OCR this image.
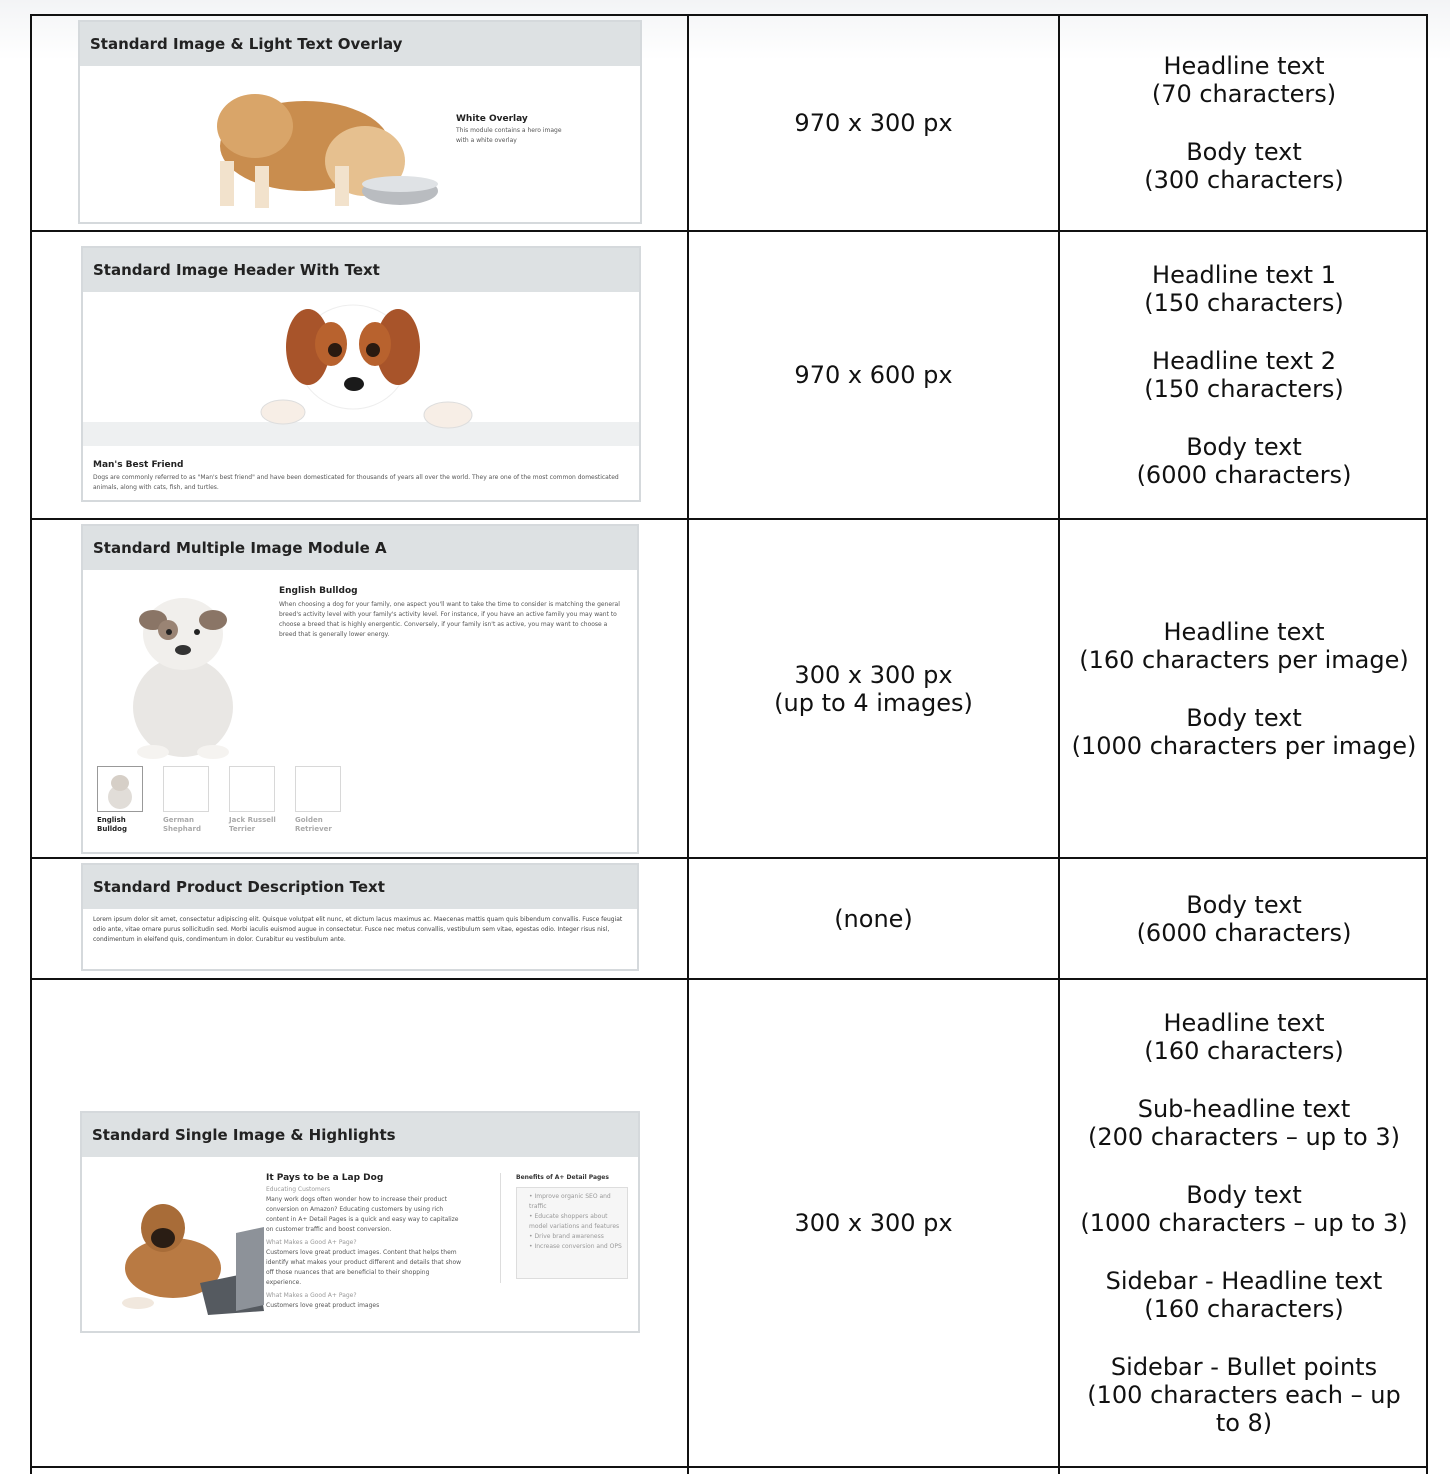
Standard Image & Light Text Overlay
White Overlay
This module contains a hero image with a white overlay
970 x 300 px
Headline text
(70 characters)
Body text
(300 characters)
Standard Image Header With Text
Man's Best Friend
Dogs are commonly referred to as "Man's best friend" and have been domesticated for thousands of years all over the world. They are one of the most common domesticated animals, along with cats, fish, and turtles.
970 x 600 px
Headline text 1
(150 characters)
Headline text 2
(150 characters)
Body text
(6000 characters)
Standard Multiple Image Module A
English Bulldog
When choosing a dog for your family, one aspect you'll want to take the time to consider is matching the general breed's activity level with your family's activity level. For instance, if you have an active family you may want to choose a breed that is highly energentic. Conversely, if your family isn't as active, you may want to choose a breed that is generally lower energy.
English Bulldog
German Shephard
Jack Russell Terrier
Golden Retriever
300 x 300 px
(up to 4 images)
Headline text
(160 characters per image)
Body text
(1000 characters per image)
Standard Product Description Text
Lorem ipsum dolor sit amet, consectetur adipiscing elit. Quisque volutpat elit nunc, et dictum lacus maximus ac. Maecenas mattis quam quis bibendum convallis. Fusce feugiat odio ante, vitae ornare purus sollicitudin sed. Morbi iaculis euismod augue in consectetur. Fusce nec metus convallis, vestibulum sem vitae, egestas odio. Integer risus nisl, condimentum in eleifend quis, condimentum in dolor. Curabitur eu vestibulum ante.
(none)	Body text
(6000 characters)
Standard Single Image & Highlights
It Pays to be a Lap Dog
Educating Customers
Many work dogs often wonder how to increase their product conversion on Amazon? Educating customers by using rich content in A+ Detail Pages is a quick and easy way to capitalize on customer traffic and boost conversion.
What Makes a Good A+ Page?
Customers love great product images. Content that helps them identify what makes your product different and details that show off those nuances that are beneficial to their shopping experience.
What Makes a Good A+ Page?
Customers love great product images
Benefits of A+ Detail Pages
• Improve organic SEO and traffic
• Educate shoppers about model variations and features
• Drive brand awareness
• Increase conversion and OPS
300 x 300 px
Headline text
(160 characters)
Sub-headline text
(200 characters – up to 3)
Body text
(1000 characters – up to 3)
Sidebar - Headline text
(160 characters)
Sidebar - Bullet points
(100 characters each – up to 8)
